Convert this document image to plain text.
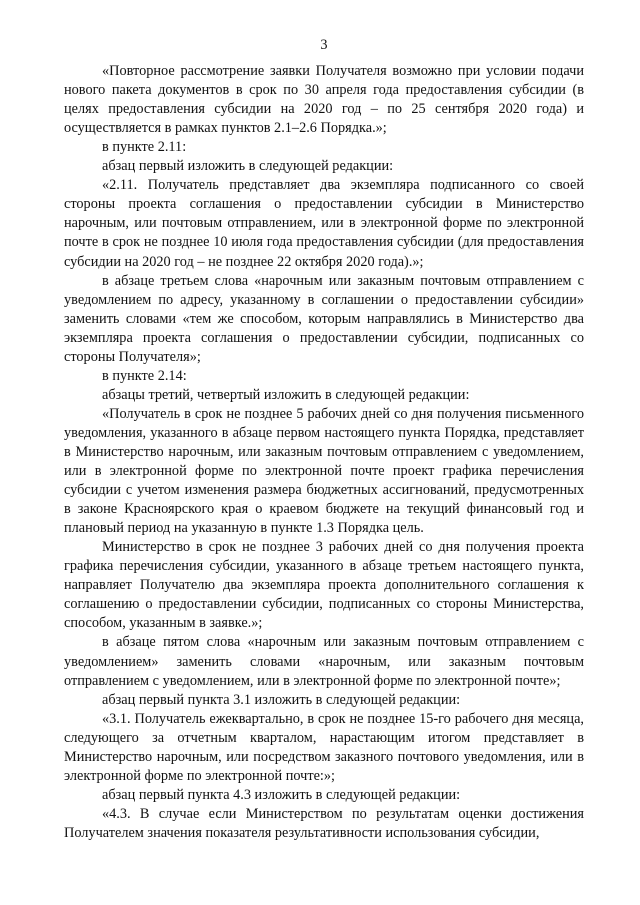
3

«Повторное рассмотрение заявки Получателя возможно при условии подачи нового пакета документов в срок по 30 апреля года предоставления субсидии (в целях предоставления субсидии на 2020 год – по 25 сентября 2020 года) и осуществляется в рамках пунктов 2.1–2.6 Порядка.»;

в пункте 2.11:

абзац первый изложить в следующей редакции:

«2.11. Получатель представляет два экземпляра подписанного со своей стороны проекта соглашения о предоставлении субсидии в Министерство нарочным, или почтовым отправлением, или в электронной форме по электронной почте в срок не позднее 10 июля года предоставления субсидии (для предоставления субсидии на 2020 год – не позднее 22 октября 2020 года).»;

в абзаце третьем слова «нарочным или заказным почтовым отправлением с уведомлением по адресу, указанному в соглашении о предоставлении субсидии» заменить словами «тем же способом, которым направлялись в Министерство два экземпляра проекта соглашения о предоставлении субсидии, подписанных со стороны Получателя»;

в пункте 2.14:

абзацы третий, четвертый изложить в следующей редакции:

«Получатель в срок не позднее 5 рабочих дней со дня получения письменного уведомления, указанного в абзаце первом настоящего пункта Порядка, представляет в Министерство нарочным, или заказным почтовым отправлением с уведомлением, или в электронной форме по электронной почте проект графика перечисления субсидии с учетом изменения размера бюджетных ассигнований, предусмотренных в законе Красноярского края о краевом бюджете на текущий финансовый год и плановый период на указанную в пункте 1.3 Порядка цель.

Министерство в срок не позднее 3 рабочих дней со дня получения проекта графика перечисления субсидии, указанного в абзаце третьем настоящего пункта, направляет Получателю два экземпляра проекта дополнительного соглашения к соглашению о предоставлении субсидии, подписанных со стороны Министерства, способом, указанным в заявке.»;

в абзаце пятом слова «нарочным или заказным почтовым отправлением с уведомлением» заменить словами «нарочным, или заказным почтовым отправлением с уведомлением, или в электронной форме по электронной почте»;

абзац первый пункта 3.1 изложить в следующей редакции:

«3.1. Получатель ежеквартально, в срок не позднее 15-го рабочего дня месяца, следующего за отчетным кварталом, нарастающим итогом представляет в Министерство нарочным, или посредством заказного почтового уведомления, или в электронной форме по электронной почте:»;

абзац первый пункта 4.3 изложить в следующей редакции:

«4.3. В случае если Министерством по результатам оценки достижения Получателем значения показателя результативности использования субсидии,
